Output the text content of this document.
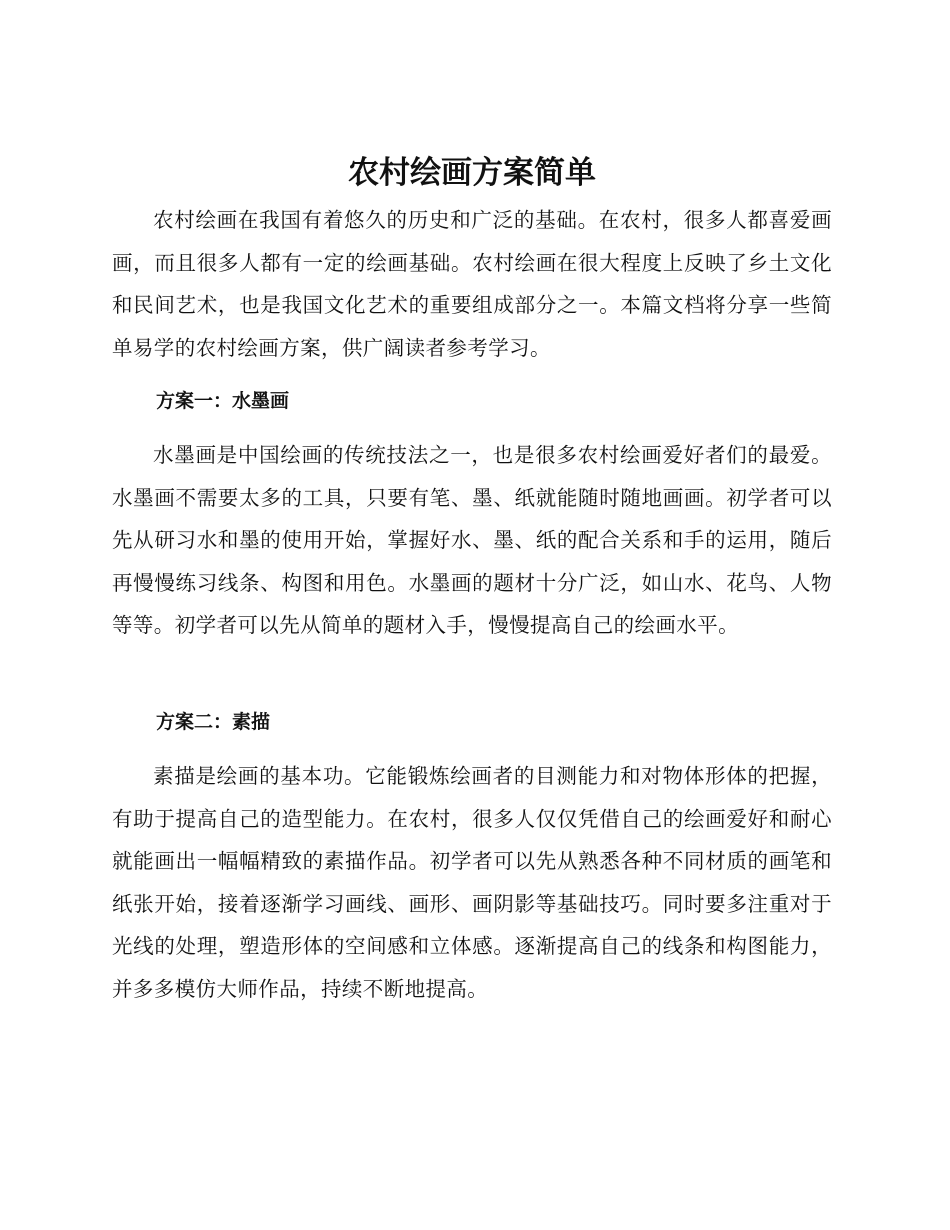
农村绘画方案简单

农村绘画在我国有着悠久的历史和广泛的基础。在农村，很多人都喜爱画画，而且很多人都有一定的绘画基础。农村绘画在很大程度上反映了乡土文化和民间艺术，也是我国文化艺术的重要组成部分之一。本篇文档将分享一些简单易学的农村绘画方案，供广阔读者参考学习。

方案一：水墨画

水墨画是中国绘画的传统技法之一，也是很多农村绘画爱好者们的最爱。水墨画不需要太多的工具，只要有笔、墨、纸就能随时随地画画。初学者可以先从研习水和墨的使用开始，掌握好水、墨、纸的配合关系和手的运用，随后再慢慢练习线条、构图和用色。水墨画的题材十分广泛，如山水、花鸟、人物等等。初学者可以先从简单的题材入手，慢慢提高自己的绘画水平。

方案二：素描

素描是绘画的基本功。它能锻炼绘画者的目测能力和对物体形体的把握，有助于提高自己的造型能力。在农村，很多人仅仅凭借自己的绘画爱好和耐心就能画出一幅幅精致的素描作品。初学者可以先从熟悉各种不同材质的画笔和纸张开始，接着逐渐学习画线、画形、画阴影等基础技巧。同时要多注重对于光线的处理，塑造形体的空间感和立体感。逐渐提高自己的线条和构图能力，并多多模仿大师作品，持续不断地提高。
